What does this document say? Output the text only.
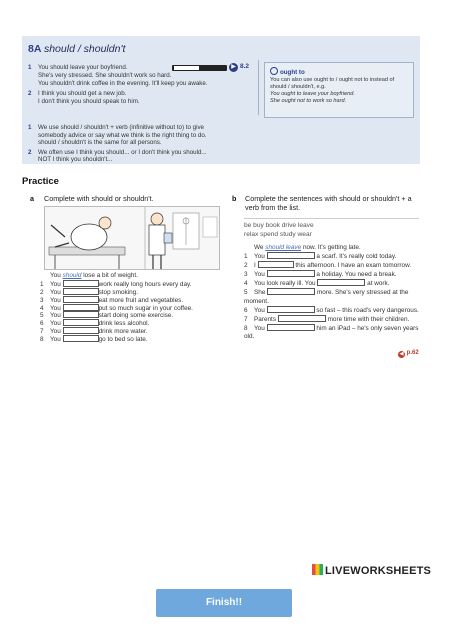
8A should / shouldn't
▶ 8.2
1 You should leave your boyfriend.
She's very stressed. She shouldn't work so hard.
You shouldn't drink coffee in the evening. It'll keep you awake.
2 I think you should get a new job.
I don't think you should speak to him.
ought to
You can also use ought to / ought not to instead of should / shouldn't, e.g.
You ought to leave your boyfriend.
She ought not to work so hard.
1 We use should / shouldn't + verb (infinitive without to) to give
somebody advice or say what we think is the right thing to do.
should / shouldn't is the same for all persons.
2 We often use I think you should... or I don't think you should...
NOT I think you shouldn't...
Practice
a Complete with should or shouldn't.
You should lose a bit of weight.
1 You	work really long hours every day.
2 You	stop smoking.
3 You	eat more fruit and vegetables.
4 You	put so much sugar in your coffee.
5 You	start doing some exercise.
6 You	drink less alcohol.
7 You	drink more water.
8 You	go to bed so late.
b Complete the sentences with should or shouldn't + a verb from the list.
be buy book drive leave
relax spend study wear
We should leave now. It's getting late.
1 You	a scarf. It's really cold today.
2 I	this afternoon. I have an exam tomorrow.
3 You	a holiday. You need a break.
4 You look really ill. You	at work.
5 She	more. She's very stressed at the moment.
6 You	so fast – this road's very dangerous.
7 Parents	more time with their children.
8 You	him an iPad – he's only seven years old.
◀ p.62
LIVEWORKSHEETS
Finish!!
